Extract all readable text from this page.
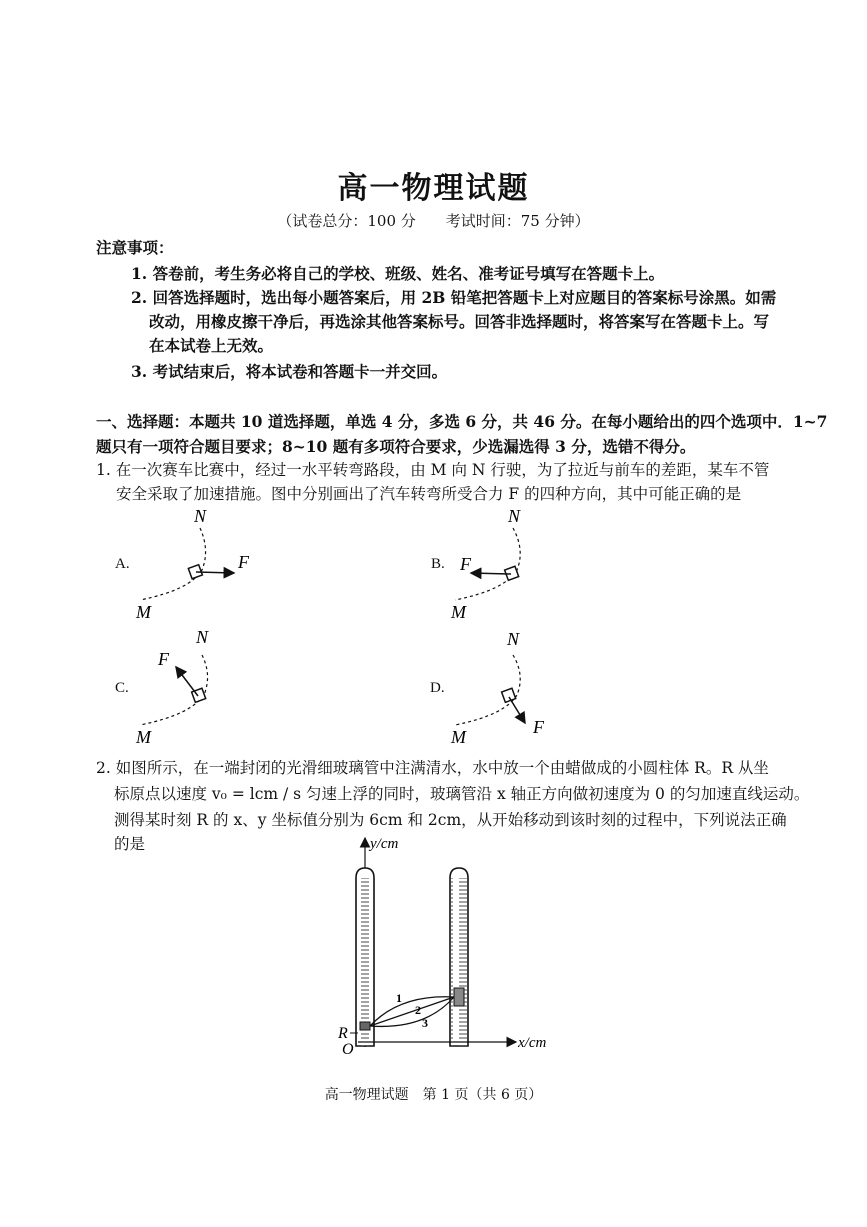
高一物理试题
（试卷总分：100 分　　考试时间：75 分钟）
注意事项：
1. 答卷前，考生务必将自己的学校、班级、姓名、准考证号填写在答题卡上。
2. 回答选择题时，选出每小题答案后，用 2B 铅笔把答题卡上对应题目的答案标号涂黑。如需
改动，用橡皮擦干净后，再选涂其他答案标号。回答非选择题时，将答案写在答题卡上。写
在本试卷上无效。
3. 考试结束后，将本试卷和答题卡一并交回。
一、选择题：本题共 10 道选择题，单选 4 分，多选 6 分，共 46 分。在每小题给出的四个选项中．1~7
题只有一项符合题目要求；8~10 题有多项符合要求，少选漏选得 3 分，选错不得分。
1. 在一次赛车比赛中，经过一水平转弯路段，由 M 向 N 行驶，为了拉近与前车的差距，某车不管
安全采取了加速措施。图中分别画出了汽车转弯所受合力 F 的四种方向，其中可能正确的是
A.	B.
C.	D.
N
F
M
N
F
M
N
F
M
N
F
M
2. 如图所示，在一端封闭的光滑细玻璃管中注满清水，水中放一个由蜡做成的小圆柱体 R。R 从坐
标原点以速度 v₀ = lcm / s 匀速上浮的同时，玻璃管沿 x 轴正方向做初速度为 0 的匀加速直线运动。
测得某时刻 R 的 x、y 坐标值分别为 6cm 和 2cm，从开始移动到该时刻的过程中，下列说法正确
的是	y/cm
x/cm
O
R
1
2
3
高一物理试题　第 1 页（共 6 页）
